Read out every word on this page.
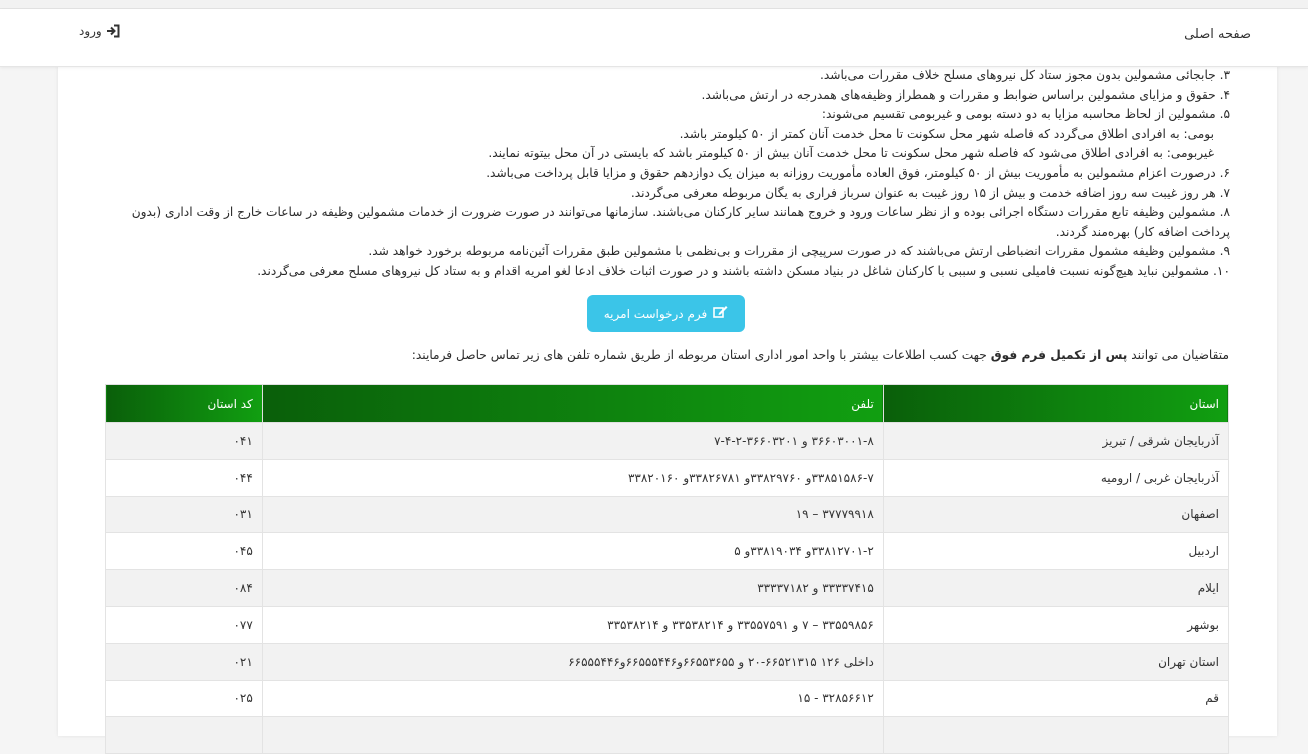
صفحه اصلی
ورود

۳. جابجائی مشمولین بدون مجوز ستاد کل نیروهای مسلح خلاف مقررات می‌باشد.

۴. حقوق و مزایای مشمولین براساس ضوابط و مقررات و همطراز وظیفه‌های همدرجه در ارتش می‌باشد.

۵. مشمولین از لحاظ محاسبه مزایا به دو دسته بومی و غیربومی تقسیم می‌شوند:

بومی: به افرادی اطلاق می‌گردد که فاصله شهر محل سکونت تا محل خدمت آنان کمتر از ۵۰ کیلومتر باشد.

غیربومی: به افرادی اطلاق می‌شود که فاصله شهر محل سکونت تا محل خدمت آنان بیش از ۵۰ کیلومتر باشد که بایستی در آن محل بیتوته نمایند.

۶. درصورت اعزام مشمولین به مأموریت بیش از ۵۰ کیلومتر، فوق العاده مأموریت روزانه به میزان یک دوازدهم حقوق و مزایا قابل پرداخت می‌باشد.

۷. هر روز غیبت سه روز اضافه خدمت و بیش از ۱۵ روز غیبت به عنوان سرباز فراری به یگان مربوطه معرفی می‌گردند.

۸. مشمولین وظیفه تابع مقررات دستگاه اجرائی بوده و از نظر ساعات ورود و خروج همانند سایر کارکنان می‌باشند. سازمانها می‌توانند در صورت ضرورت از خدمات مشمولین وظیفه در ساعات خارج از وقت اداری (بدون پرداخت اضافه کار) بهره‌مند گردند.

۹. مشمولین وظیفه مشمول مقررات انضباطی ارتش می‌باشند که در صورت سرپیچی از مقررات و بی‌نظمی با مشمولین طبق مقررات آئین‌نامه مربوطه برخورد خواهد شد.

۱۰. مشمولین نباید هیچ‌گونه نسبت فامیلی نسبی و سببی با کارکنان شاغل در بنیاد مسکن داشته باشند و در صورت اثبات خلاف ادعا لغو امریه اقدام و به ستاد کل نیروهای مسلح معرفی می‌گردند.

فرم درخواست امریه
متقاضیان می توانند پس از تکمیل فرم فوق جهت کسب اطلاعات بیشتر با واحد امور اداری استان مربوطه از طریق شماره تلفن های زیر تماس حاصل فرمایند:
استان	تلفن	کد استان
آذربایجان شرقی / تبریز	۳۶۶۰۳۰۰۱-۸ و ۳۶۶۰۳۲۰۱-۲-۴-۷	۰۴۱
آذربایجان غربی / ارومیه	۳۳۸۵۱۵۸۶-۷و ۳۳۸۲۹۷۶۰و ۳۳۸۲۶۷۸۱و ۳۳۸۲۰۱۶۰	۰۴۴
اصفهان	۳۷۷۷۹۹۱۸ – ۱۹	۰۳۱
اردبیل	۳۳۸۱۲۷۰۱-۲و ۳۳۸۱۹۰۳۴و ۵	۰۴۵
ایلام	۳۳۳۳۷۴۱۵ و ۳۳۳۳۷۱۸۲	۰۸۴
بوشهر	۳۳۵۵۹۸۵۶ – ۷ و ۳۳۵۵۷۵۹۱ و ۳۳۵۳۸۲۱۴ و ۳۳۵۳۸۲۱۴	۰۷۷
استان تهران	داخلی ۱۲۶ ۶۶۵۲۱۳۱۵-۲۰ و ۶۶۵۵۳۶۵۵و۶۶۵۵۵۴۴۶و۶۶۵۵۵۴۴۶	۰۲۱
قم	۳۲۸۵۶۶۱۲ - ۱۵	۰۲۵
